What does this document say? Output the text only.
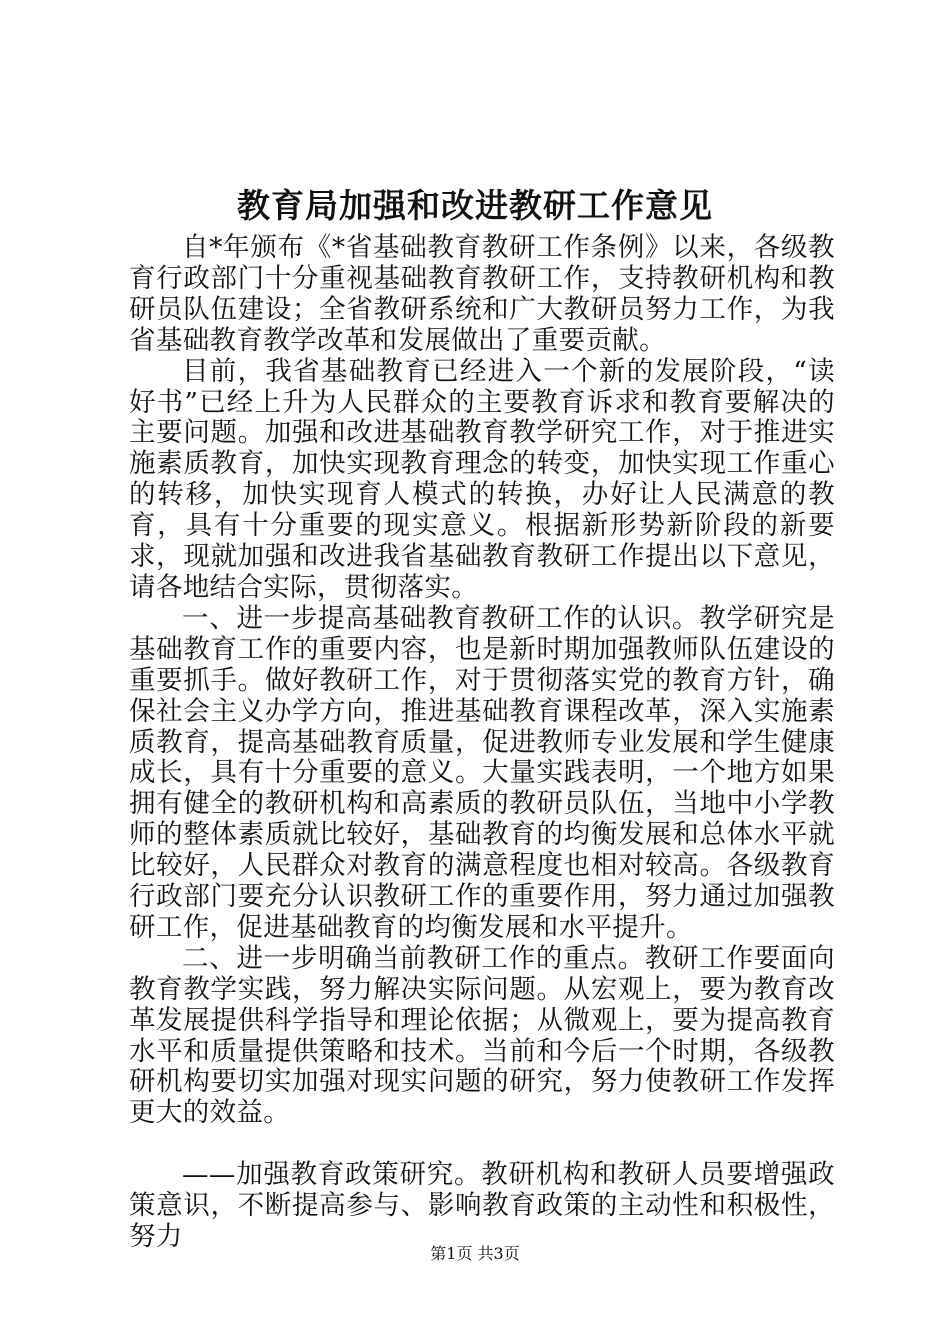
教育局加强和改进教研工作意见

自*年颁布《*省基础教育教研工作条例》以来，各级教育行政部门十分重视基础教育教研工作，支持教研机构和教研员队伍建设；全省教研系统和广大教研员努力工作，为我省基础教育教学改革和发展做出了重要贡献。

目前，我省基础教育已经进入一个新的发展阶段，“读好书”已经上升为人民群众的主要教育诉求和教育要解决的主要问题。加强和改进基础教育教学研究工作，对于推进实施素质教育，加快实现教育理念的转变，加快实现工作重心的转移，加快实现育人模式的转换，办好让人民满意的教育，具有十分重要的现实意义。根据新形势新阶段的新要求，现就加强和改进我省基础教育教研工作提出以下意见，请各地结合实际，贯彻落实。

一、进一步提高基础教育教研工作的认识。教学研究是基础教育工作的重要内容，也是新时期加强教师队伍建设的重要抓手。做好教研工作，对于贯彻落实党的教育方针，确保社会主义办学方向，推进基础教育课程改革，深入实施素质教育，提高基础教育质量，促进教师专业发展和学生健康成长，具有十分重要的意义。大量实践表明，一个地方如果拥有健全的教研机构和高素质的教研员队伍，当地中小学教师的整体素质就比较好，基础教育的均衡发展和总体水平就比较好，人民群众对教育的满意程度也相对较高。各级教育行政部门要充分认识教研工作的重要作用，努力通过加强教研工作，促进基础教育的均衡发展和水平提升。

二、进一步明确当前教研工作的重点。教研工作要面向教育教学实践，努力解决实际问题。从宏观上，要为教育改革发展提供科学指导和理论依据；从微观上，要为提高教育水平和质量提供策略和技术。当前和今后一个时期，各级教研机构要切实加强对现实问题的研究，努力使教研工作发挥更大的效益。

——加强教育政策研究。教研机构和教研人员要增强政策意识，不断提高参与、影响教育政策的主动性和积极性，努力

第1页 共3页
